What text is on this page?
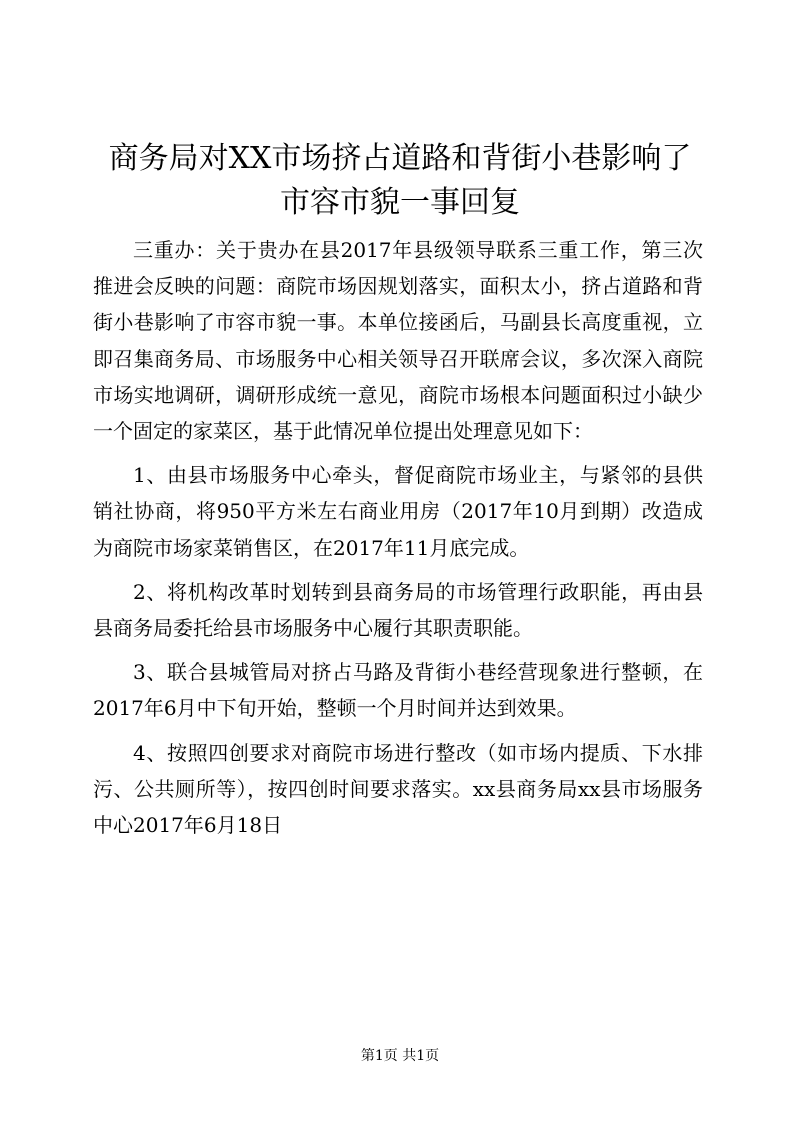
商务局对XX市场挤占道路和背街小巷影响了
市容市貌一事回复

三重办：关于贵办在县2017年县级领导联系三重工作，第三次推进会反映的问题：商院市场因规划落实，面积太小，挤占道路和背街小巷影响了市容市貌一事。本单位接函后，马副县长高度重视，立即召集商务局、市场服务中心相关领导召开联席会议，多次深入商院市场实地调研，调研形成统一意见，商院市场根本问题面积过小缺少一个固定的家菜区，基于此情况单位提出处理意见如下：

1、由县市场服务中心牵头，督促商院市场业主，与紧邻的县供销社协商，将950平方米左右商业用房（2017年10月到期）改造成为商院市场家菜销售区，在2017年11月底完成。

2、将机构改革时划转到县商务局的市场管理行政职能，再由县县商务局委托给县市场服务中心履行其职责职能。

3、联合县城管局对挤占马路及背街小巷经营现象进行整顿，在2017年6月中下旬开始，整顿一个月时间并达到效果。

4、按照四创要求对商院市场进行整改（如市场内提质、下水排污、公共厕所等），按四创时间要求落实。xx县商务局xx县市场服务中心2017年6月18日

第1页 共1页
